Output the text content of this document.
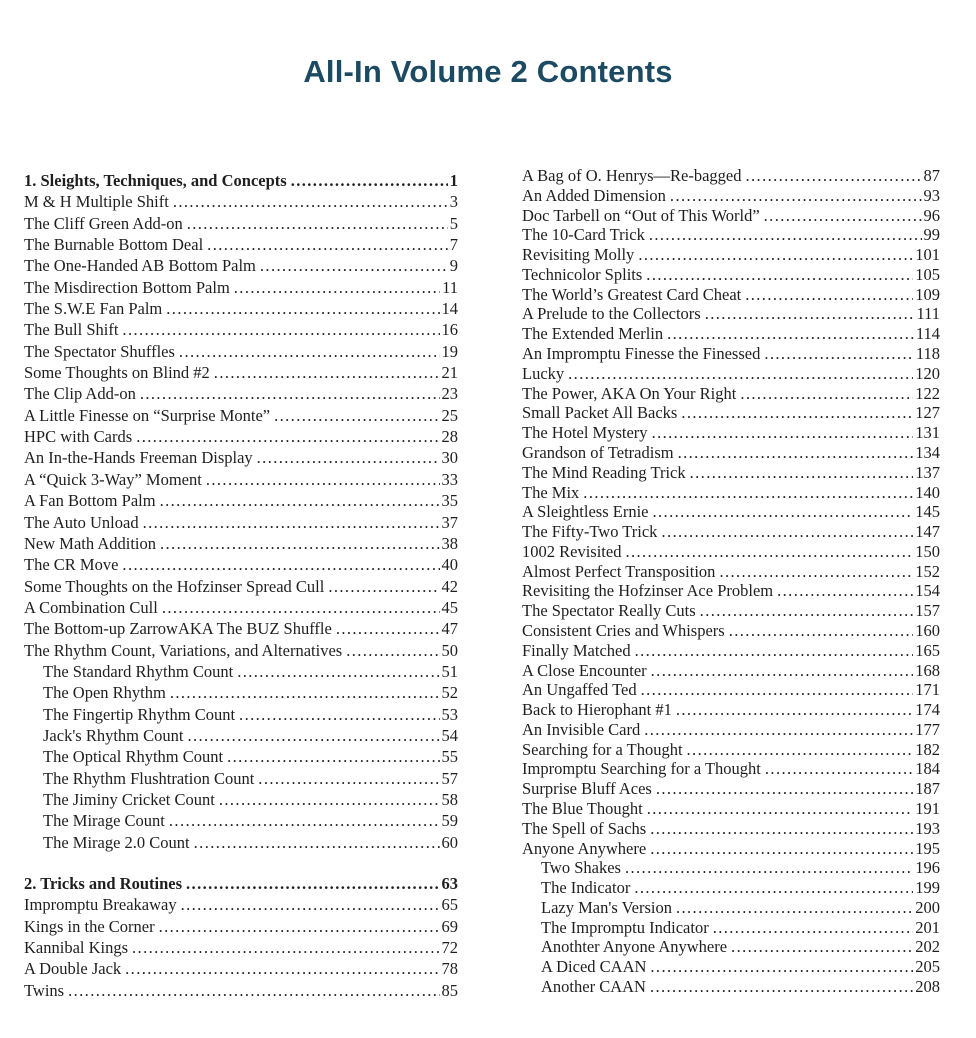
All-In Volume 2 Contents
1. Sleights, Techniques, and Concepts .....	1
M & H Multiple Shift .....	3
The Cliff Green Add-on .....	5
The Burnable Bottom Deal .....	7
The One-Handed AB Bottom Palm .....	9
The Misdirection Bottom Palm .....	11
The S.W.E Fan Palm .....	14
The Bull Shift .....	16
The Spectator Shuffles .....	19
Some Thoughts on Blind #2 .....	21
The Clip Add-on .....	23
A Little Finesse on “Surprise Monte” .....	25
HPC with Cards .....	28
An In-the-Hands Freeman Display .....	30
A “Quick 3-Way” Moment .....	33
A Fan Bottom Palm .....	35
The Auto Unload .....	37
New Math Addition .....	38
The CR Move .....	40
Some Thoughts on the Hofzinser Spread Cull .....	42
A Combination Cull .....	45
The Bottom-up ZarrowAKA The BUZ Shuffle .....	47
The Rhythm Count, Variations, and Alternatives .....	50
The Standard Rhythm Count .....	51
The Open Rhythm .....	52
The Fingertip Rhythm Count .....	53
Jack's Rhythm Count .....	54
The Optical Rhythm Count .....	55
The Rhythm Flushtration Count .....	57
The Jiminy Cricket Count .....	58
The Mirage Count .....	59
The Mirage 2.0 Count .....	60
2. Tricks and Routines .....	63
Impromptu Breakaway .....	65
Kings in the Corner .....	69
Kannibal Kings .....	72
A Double Jack .....	78
Twins .....	85
A Bag of O. Henrys—Re-bagged .....	87
An Added Dimension .....	93
Doc Tarbell on “Out of This World” .....	96
The 10-Card Trick .....	99
Revisiting Molly .....	101
Technicolor Splits .....	105
The World’s Greatest Card Cheat .....	109
A Prelude to the Collectors .....	111
The Extended Merlin .....	114
An Impromptu Finesse the Finessed .....	118
Lucky .....	120
The Power, AKA On Your Right .....	122
Small Packet All Backs .....	127
The Hotel Mystery .....	131
Grandson of Tetradism .....	134
The Mind Reading Trick .....	137
The Mix .....	140
A Sleightless Ernie .....	145
The Fifty-Two Trick .....	147
1002 Revisited .....	150
Almost Perfect Transposition .....	152
Revisiting the Hofzinser Ace Problem .....	154
The Spectator Really Cuts .....	157
Consistent Cries and Whispers .....	160
Finally Matched .....	165
A Close Encounter .....	168
An Ungaffed Ted .....	171
Back to Hierophant #1 .....	174
An Invisible Card .....	177
Searching for a Thought .....	182
Impromptu Searching for a Thought .....	184
Surprise Bluff Aces .....	187
The Blue Thought .....	191
The Spell of Sachs .....	193
Anyone Anywhere .....	195
Two Shakes .....	196
The Indicator .....	199
Lazy Man's Version .....	200
The Impromptu Indicator .....	201
Anothter Anyone Anywhere .....	202
A Diced CAAN .....	205
Another CAAN .....	208
